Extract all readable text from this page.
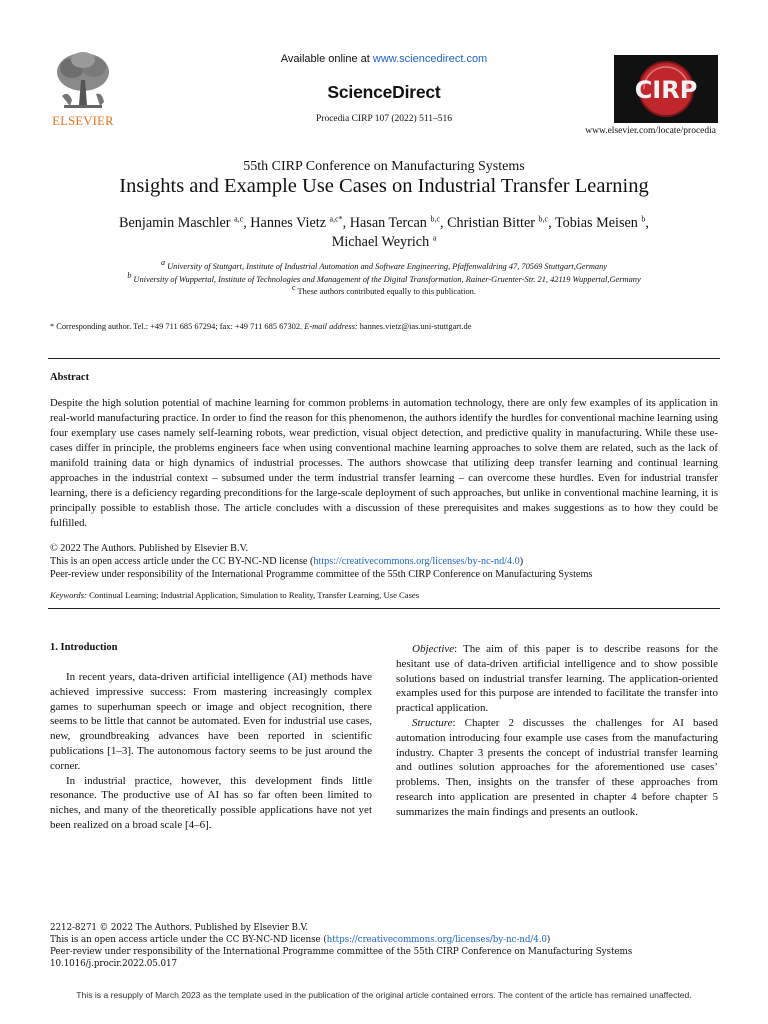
ELSEVIER
Available online at www.sciencedirect.com
ScienceDirect
Procedia CIRP 107 (2022) 511–516
CIRP
www.elsevier.com/locate/procedia
55th CIRP Conference on Manufacturing Systems
Insights and Example Use Cases on Industrial Transfer Learning
Benjamin Maschler $^{a,c}$, Hannes Vietz $^{a,c*}$, Hasan Tercan $^{b,c}$, Christian Bitter $^{b,c}$, Tobias Meisen $^b$,
Michael Weyrich $^a$
$^a$ University of Stuttgart, Institute of Industrial Automation and Software Engineering, Pfaffenwaldring 47, 70569 Stuttgart,Germany
$^b$ University of Wuppertal, Institute of Technologies and Management of the Digital Transformation, Rainer-Gruenter-Str. 21, 42119 Wuppertal,Germany
$^c$ These authors contributed equally to this publication.
* Corresponding author. Tel.: +49 711 685 67294; fax: +49 711 685 67302. E-mail address: hannes.vietz@ias.uni-stuttgart.de
Abstract
Despite the high solution potential of machine learning for common problems in automation technology, there are only few examples of its application in real-world manufacturing practice. In order to find the reason for this phenomenon, the authors identify the hurdles for conventional machine learning using four exemplary use cases namely self-learning robots, wear prediction, visual object detection, and predictive quality in manufacturing. While these use-cases differ in principle, the problems engineers face when using conventional machine learning approaches to solve them are related, such as the lack of manifold training data or high dynamics of industrial processes. The authors showcase that utilizing deep transfer learning and continual learning approaches in the industrial context – subsumed under the term industrial transfer learning – can overcome these hurdles. Even for industrial transfer learning, there is a deficiency regarding preconditions for the large-scale deployment of such approaches, but unlike in conventional machine learning, it is principally possible to establish those. The article concludes with a discussion of these prerequisites and makes suggestions as to how they could be fulfilled.
© 2022 The Authors. Published by Elsevier B.V.
This is an open access article under the CC BY-NC-ND license (https://creativecommons.org/licenses/by-nc-nd/4.0)
Peer-review under responsibility of the International Programme committee of the 55th CIRP Conference on Manufacturing Systems
Keywords: Continual Learning; Industrial Application, Simulation to Reality, Transfer Learning, Use Cases
1. Introduction

In recent years, data-driven artificial intelligence (AI) methods have achieved impressive success: From mastering increasingly complex games to superhuman speech or image and object recognition, there seems to be little that cannot be automated. Even for industrial use cases, new, groundbreaking advances have been reported in scientific publications [1–3]. The autonomous factory seems to be just around the corner.

In industrial practice, however, this development finds little resonance. The productive use of AI has so far often been limited to niches, and many of the theoretically possible applications have not yet been realized on a broad scale [4–6].

Objective: The aim of this paper is to describe reasons for the hesitant use of data-driven artificial intelligence and to show possible solutions based on industrial transfer learning. The application-oriented examples used for this purpose are intended to facilitate the transfer into practical application.

Structure: Chapter 2 discusses the challenges for AI based automation introducing four example use cases from the manufacturing industry. Chapter 3 presents the concept of industrial transfer learning and outlines solution approaches for the aforementioned use cases’ problems. Then, insights on the transfer of these approaches from research into application are presented in chapter 4 before chapter 5 summarizes the main findings and presents an outlook.

2212-8271 © 2022 The Authors. Published by Elsevier B.V.
This is an open access article under the CC BY-NC-ND license (https://creativecommons.org/licenses/by-nc-nd/4.0)
Peer-review under responsibility of the International Programme committee of the 55th CIRP Conference on Manufacturing Systems
10.1016/j.procir.2022.05.017
This is a resupply of March 2023 as the template used in the publication of the original article contained errors. The content of the article has remained unaffected.
